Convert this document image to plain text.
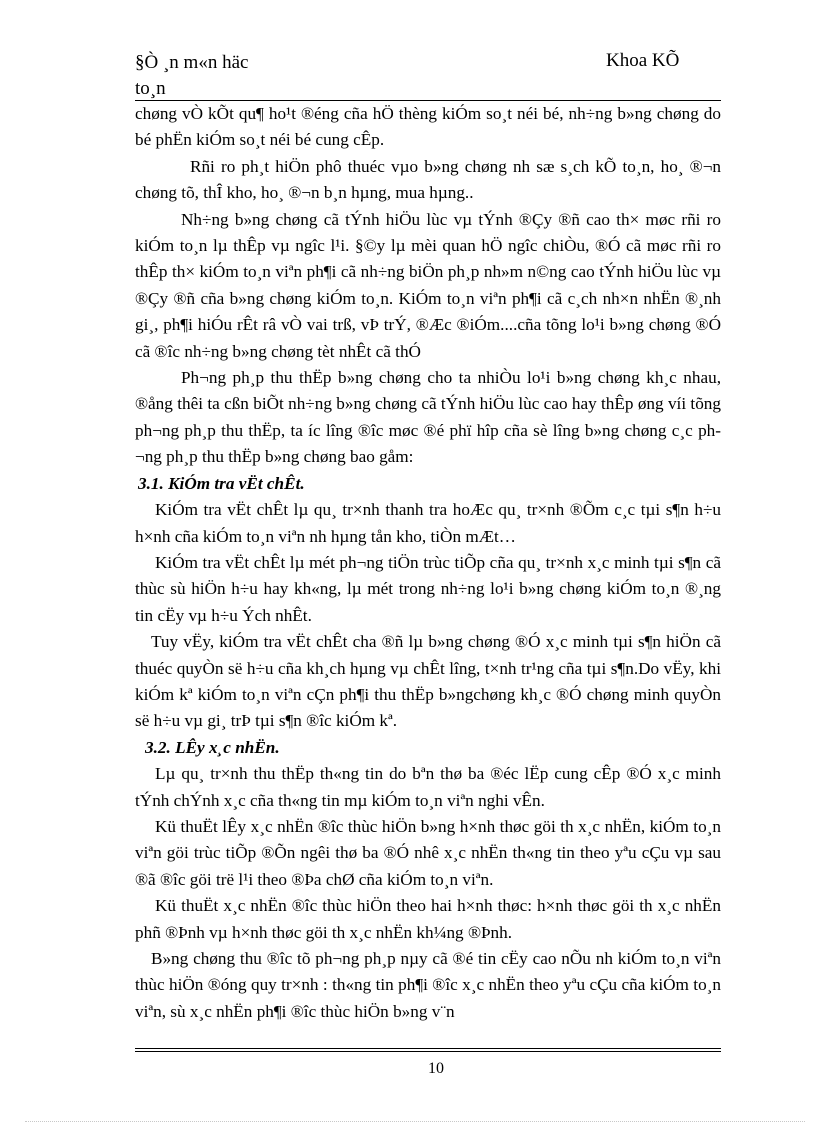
§Ò ¸n m«n häc
to¸n
Khoa KÕ

chøng vÒ kÕt qu¶ ho¹t ®éng cña hÖ thèng kiÓm so¸t néi bé, nh÷ng b»ng chøng do bé phËn kiÓm so¸t néi bé cung cÊp.

Rñi ro ph¸t hiÖn phô thuéc vµo b»ng chøng nh sæ s¸ch kÕ to¸n, ho¸ ®¬n chøng tõ, thÎ kho, ho¸ ®¬n b¸n hµng, mua hµng..

Nh÷ng b»ng chøng cã tÝnh hiÖu lùc vµ tÝnh ®Çy ®ñ cao th× møc rñi ro kiÓm to¸n lµ thÊp vµ ngîc l¹i. §©y lµ mèi quan hÖ ngîc chiÒu, ®Ó cã møc rñi ro thÊp th× kiÓm to¸n viªn ph¶i cã nh÷ng biÖn ph¸p nh»m n©ng cao tÝnh hiÖu lùc vµ ®Çy ®ñ cña b»ng chøng kiÓm to¸n. KiÓm to¸n viªn ph¶i cã c¸ch nh×n nhËn ®¸nh gi¸, ph¶i hiÓu rÊt râ vÒ vai trß, vÞ trÝ, ®Æc ®iÓm....cña tõng lo¹i b»ng chøng ®Ó cã ®îc nh÷ng b»ng chøng tèt nhÊt cã thÓ

Ph¬ng ph¸p thu thËp b»ng chøng cho ta nhiÒu lo¹i b»ng chøng kh¸c nhau, ®ång thêi ta cßn biÕt nh÷ng b»ng chøng cã tÝnh hiÖu lùc cao hay thÊp øng víi tõng ph¬ng ph¸p thu thËp, ta íc lîng ®îc møc ®é phï hîp cña sè lîng b»ng chøng c¸c ph¬ng ph¸p thu thËp b»ng chøng bao gåm:

3.1. KiÓm tra vËt chÊt.

KiÓm tra vËt chÊt lµ qu¸ tr×nh thanh tra hoÆc qu¸ tr×nh ®Õm c¸c tµi s¶n h÷u h×nh cña kiÓm to¸n viªn nh hµng tån kho, tiÒn mÆt…

KiÓm tra vËt chÊt lµ mét ph¬ng tiÖn trùc tiÕp cña qu¸ tr×nh x¸c minh tµi s¶n cã thùc sù hiÖn h÷u hay kh«ng, lµ mét trong nh÷ng lo¹i b»ng chøng kiÓm to¸n ®¸ng tin cËy vµ h÷u Ých nhÊt.

Tuy vËy, kiÓm tra vËt chÊt cha ®ñ lµ b»ng chøng ®Ó x¸c minh tµi s¶n hiÖn cã thuéc quyÒn së h÷u cña kh¸ch hµng vµ chÊt lîng, t×nh tr¹ng cña tµi s¶n.Do vËy, khi kiÓm kª kiÓm to¸n viªn cÇn ph¶i thu thËp b»ngchøng kh¸c ®Ó chøng minh quyÒn së h÷u vµ gi¸ trÞ tµi s¶n ®îc kiÓm kª.

3.2. LÊy x¸c nhËn.

Lµ qu¸ tr×nh thu thËp th«ng tin do bªn thø ba ®éc lËp cung cÊp ®Ó x¸c minh tÝnh chÝnh x¸c cña th«ng tin mµ kiÓm to¸n viªn nghi vÊn.

Kü thuËt lÊy x¸c nhËn ®îc thùc hiÖn b»ng h×nh thøc göi th x¸c nhËn, kiÓm to¸n viªn göi trùc tiÕp ®Õn ngêi thø ba ®Ó nhê x¸c nhËn th«ng tin theo yªu cÇu vµ sau ®ã ®îc göi trë l¹i theo ®Þa chØ cña kiÓm to¸n viªn.

Kü thuËt x¸c nhËn ®îc thùc hiÖn theo hai h×nh thøc: h×nh thøc göi th x¸c nhËn phñ ®Þnh vµ h×nh thøc göi th x¸c nhËn kh¼ng ®Þnh.

B»ng chøng thu ®îc tõ ph¬ng ph¸p nµy cã ®é tin cËy cao nÕu nh kiÓm to¸n viªn thùc hiÖn ®óng quy tr×nh : th«ng tin ph¶i ®îc x¸c nhËn theo yªu cÇu cña kiÓm to¸n viªn, sù x¸c nhËn ph¶i ®îc thùc hiÖn b»ng v¨n

10
